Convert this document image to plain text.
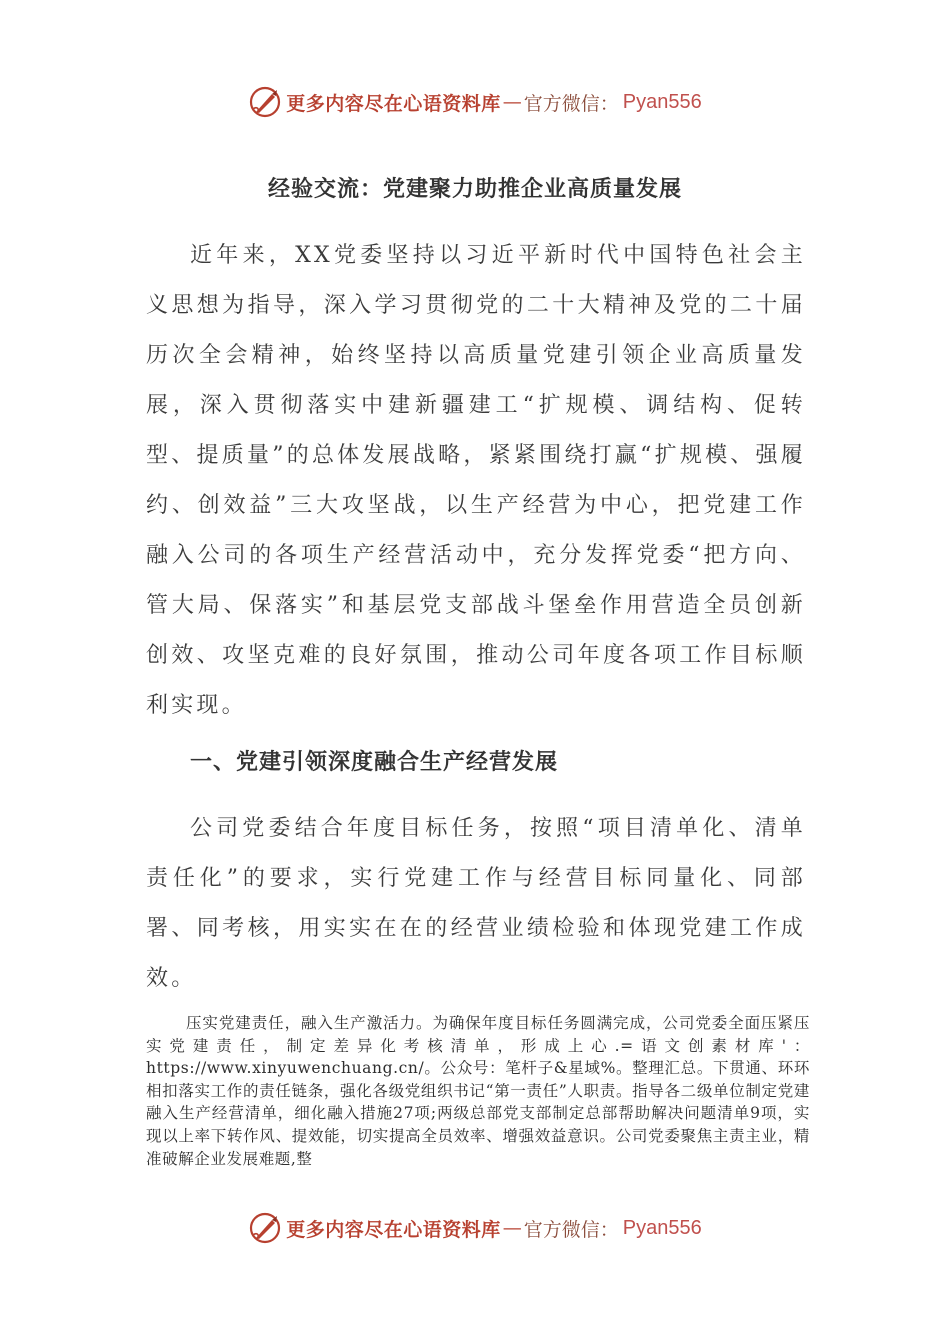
更多内容尽在心语资料库 — 官方微信： Pyan556
经验交流：党建聚力助推企业高质量发展

近年来，XX党委坚持以习近平新时代中国特色社会主义思想为指导，深入学习贯彻党的二十大精神及党的二十届历次全会精神，始终坚持以高质量党建引领企业高质量发展，深入贯彻落实中建新疆建工“扩规模、调结构、促转型、提质量”的总体发展战略，紧紧围绕打赢“扩规模、强履约、创效益”三大攻坚战，以生产经营为中心，把党建工作融入公司的各项生产经营活动中，充分发挥党委“把方向、管大局、保落实”和基层党支部战斗堡垒作用营造全员创新创效、攻坚克难的良好氛围，推动公司年度各项工作目标顺利实现。

一、党建引领深度融合生产经营发展

公司党委结合年度目标任务，按照“项目清单化、清单责任化”的要求，实行党建工作与经营目标同量化、同部署、同考核，用实实在在的经营业绩检验和体现党建工作成效。

压实党建责任，融入生产激活力。为确保年度目标任务圆满完成，公司党委全面压紧压实党建责任，制定差异化考核清单，形成上心.=语文创素材库'：https://www.xinyuwenchuang.cn/。公众号：笔杆子&星域%。整理汇总。下贯通、环环相扣落实工作的责任链条，强化各级党组织书记“第一责任”人职责。指导各二级单位制定党建融入生产经营清单，细化融入措施27项;两级总部党支部制定总部帮助解决问题清单9项，实现以上率下转作风、提效能，切实提高全员效率、增强效益意识。公司党委聚焦主责主业，精准破解企业发展难题,整

更多内容尽在心语资料库 — 官方微信： Pyan556
